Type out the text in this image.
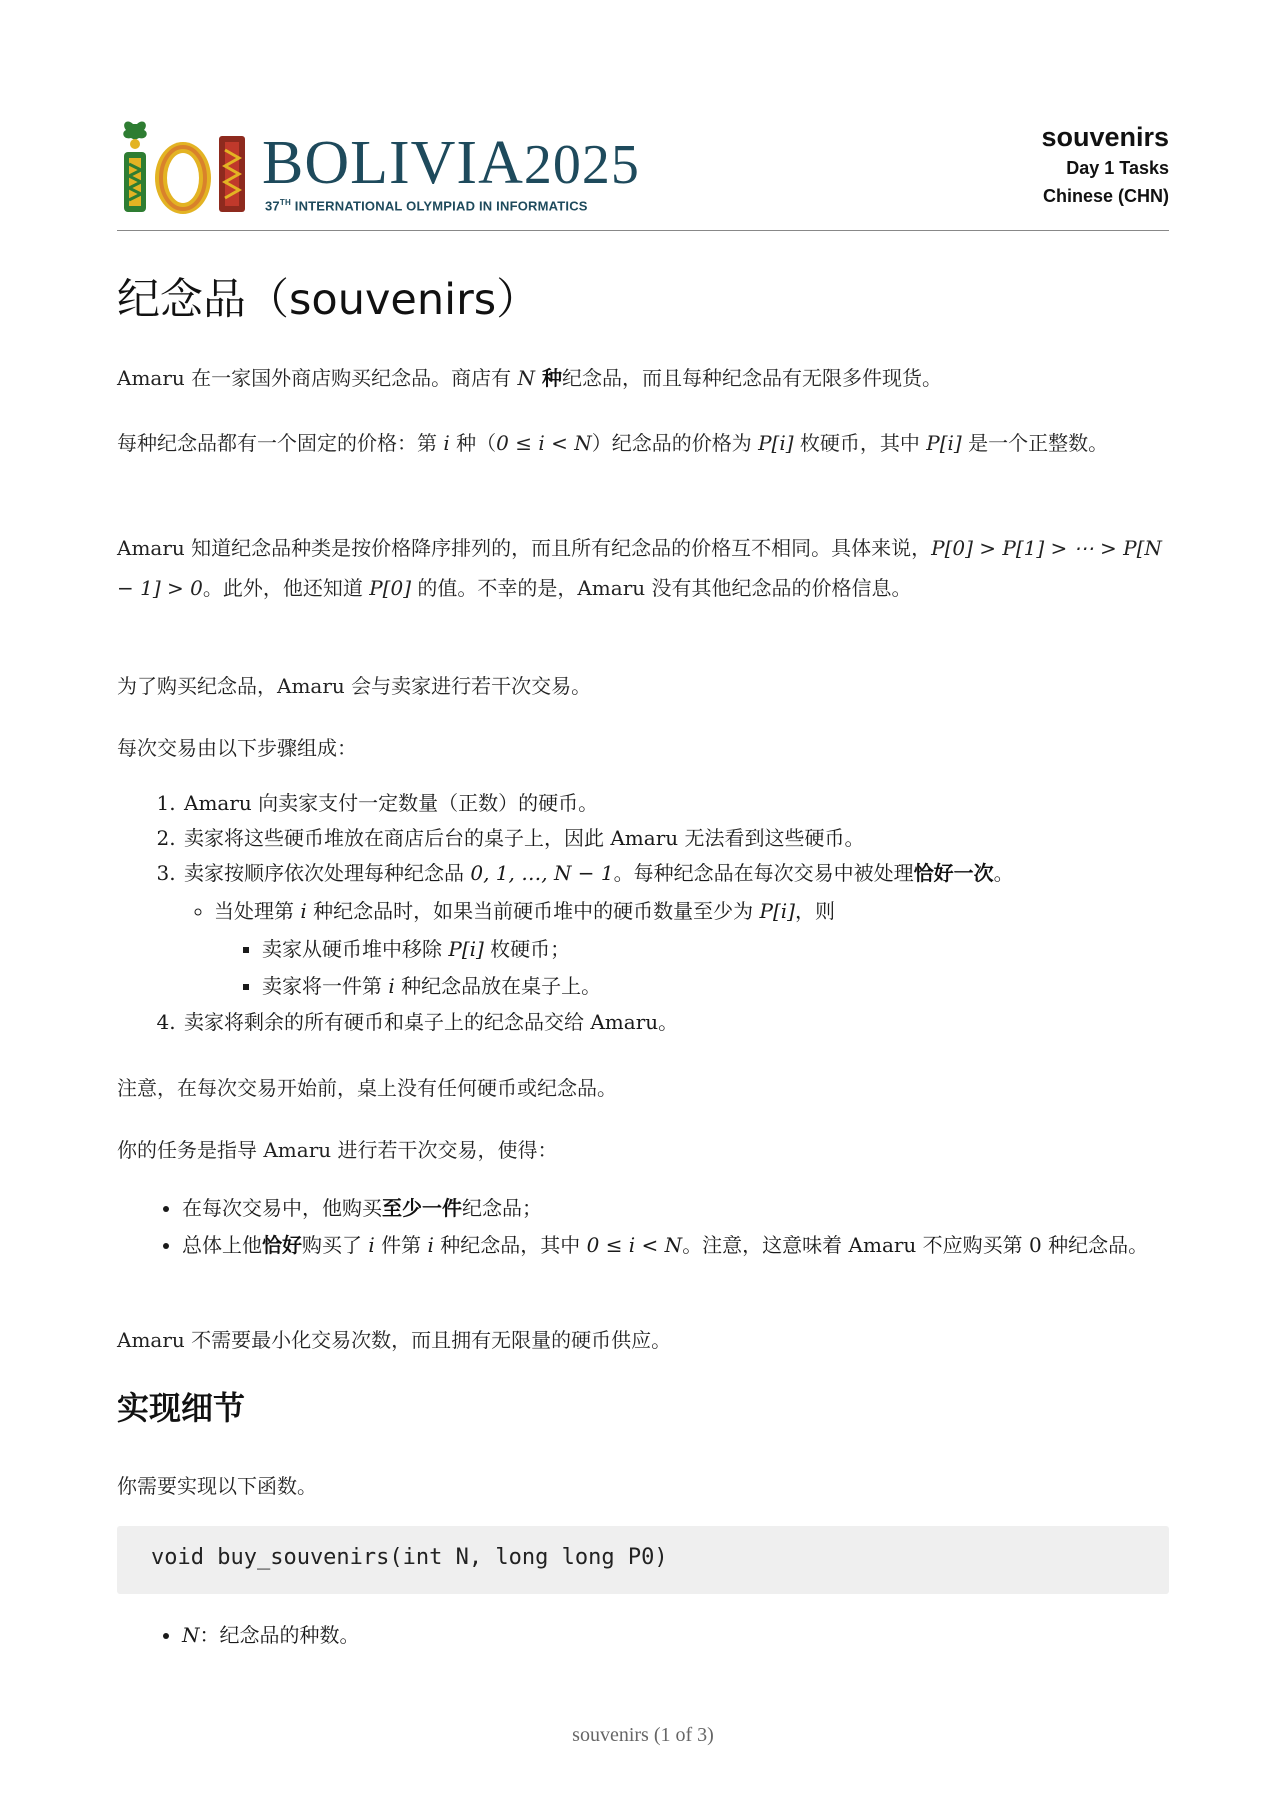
BOLIVIA2025
37TH INTERNATIONAL OLYMPIAD IN INFORMATICS
souvenirs
Day 1 Tasks
Chinese (CHN)
纪念品（souvenirs）
Amaru 在一家国外商店购买纪念品。商店有 N 种纪念品，而且每种纪念品有无限多件现货。
每种纪念品都有一个固定的价格：第 i 种（0 ≤ i < N）纪念品的价格为 P[i] 枚硬币，其中 P[i] 是一个正整数。
Amaru 知道纪念品种类是按价格降序排列的，而且所有纪念品的价格互不相同。具体来说，P[0] > P[1] > ⋯ > P[N − 1] > 0。此外，他还知道 P[0] 的值。不幸的是，Amaru 没有其他纪念品的价格信息。
为了购买纪念品，Amaru 会与卖家进行若干次交易。
每次交易由以下步骤组成：
1. Amaru 向卖家支付一定数量（正数）的硬币。
2. 卖家将这些硬币堆放在商店后台的桌子上，因此 Amaru 无法看到这些硬币。
3. 卖家按顺序依次处理每种纪念品 0, 1, …, N − 1。每种纪念品在每次交易中被处理恰好一次。
◦ 当处理第 i 种纪念品时，如果当前硬币堆中的硬币数量至少为 P[i]，则
▪ 卖家从硬币堆中移除 P[i] 枚硬币；
▪ 卖家将一件第 i 种纪念品放在桌子上。
4. 卖家将剩余的所有硬币和桌子上的纪念品交给 Amaru。
注意，在每次交易开始前，桌上没有任何硬币或纪念品。
你的任务是指导 Amaru 进行若干次交易，使得：
• 在每次交易中，他购买至少一件纪念品；
• 总体上他恰好购买了 i 件第 i 种纪念品，其中 0 ≤ i < N。注意，这意味着 Amaru 不应购买第 0 种纪念品。
Amaru 不需要最小化交易次数，而且拥有无限量的硬币供应。
实现细节
你需要实现以下函数。
void buy_souvenirs(int N, long long P0)
• N：纪念品的种数。
souvenirs (1 of 3)
